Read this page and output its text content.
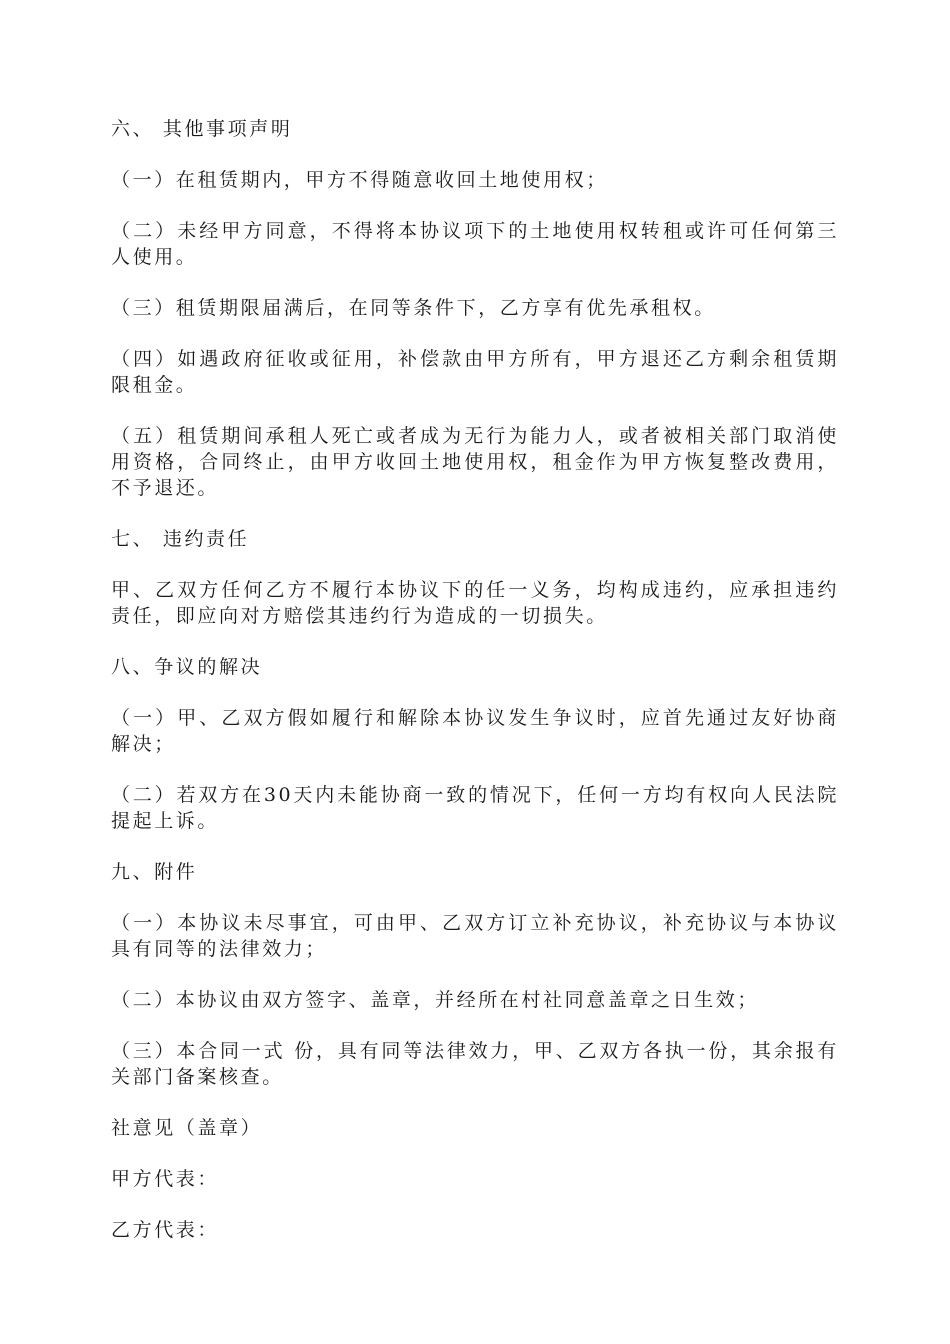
六、 其他事项声明

（一）在租赁期内，甲方不得随意收回土地使用权；

（二）未经甲方同意，不得将本协议项下的土地使用权转租或许可任何第三人使用。

（三）租赁期限届满后，在同等条件下，乙方享有优先承租权。

（四）如遇政府征收或征用，补偿款由甲方所有，甲方退还乙方剩余租赁期限租金。

（五）租赁期间承租人死亡或者成为无行为能力人，或者被相关部门取消使用资格，合同终止，由甲方收回土地使用权，租金作为甲方恢复整改费用，不予退还。

七、 违约责任

甲、乙双方任何乙方不履行本协议下的任一义务，均构成违约，应承担违约责任，即应向对方赔偿其违约行为造成的一切损失。

八、争议的解决

（一）甲、乙双方假如履行和解除本协议发生争议时，应首先通过友好协商解决；

（二）若双方在30天内未能协商一致的情况下，任何一方均有权向人民法院提起上诉。

九、附件

（一）本协议未尽事宜，可由甲、乙双方订立补充协议，补充协议与本协议具有同等的法律效力；

（二）本协议由双方签字、盖章，并经所在村社同意盖章之日生效；

（三）本合同一式 份，具有同等法律效力，甲、乙双方各执一份，其余报有关部门备案核查。

社意见（盖章）

甲方代表：

乙方代表：
